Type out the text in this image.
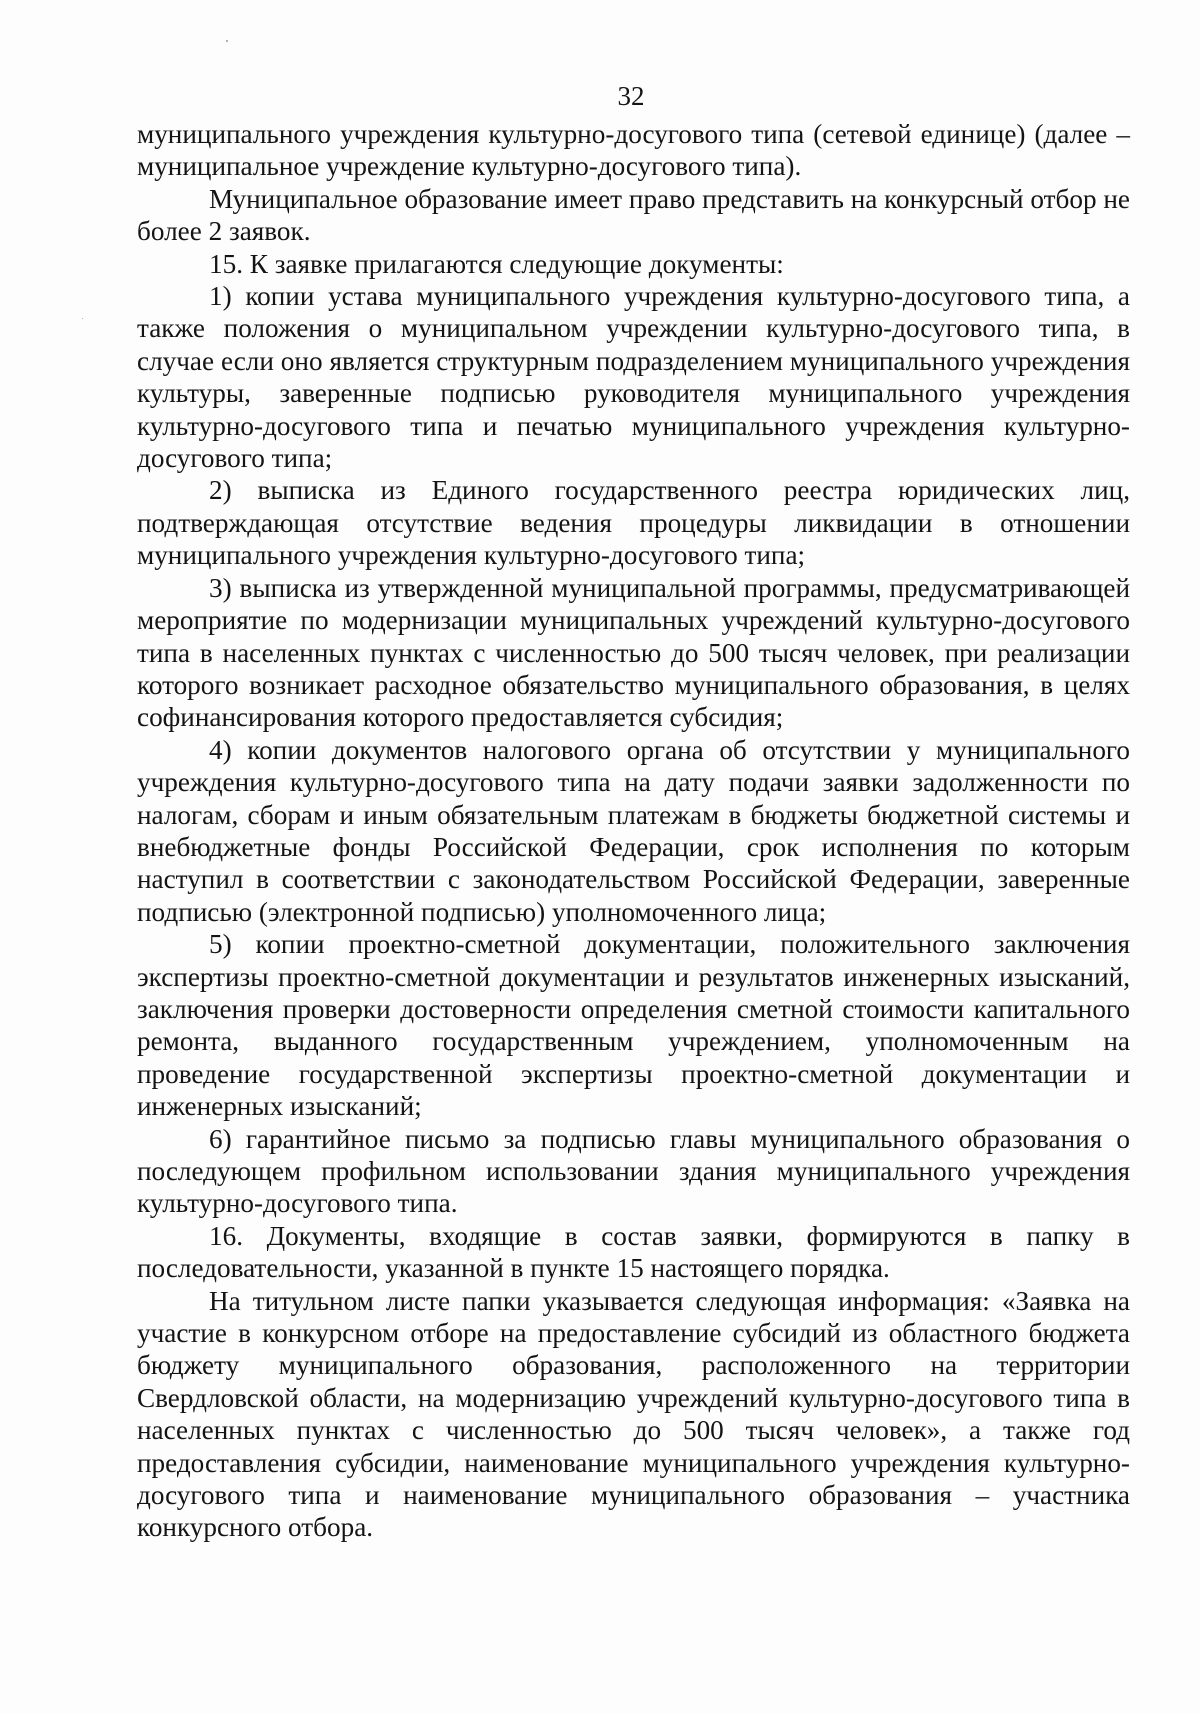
32

муниципального учреждения культурно-досугового типа (сетевой единице) (далее – муниципальное учреждение культурно-досугового типа).

Муниципальное образование имеет право представить на конкурсный отбор не более 2 заявок.

15. К заявке прилагаются следующие документы:

1) копии устава муниципального учреждения культурно-досугового типа, а также положения о муниципальном учреждении культурно-досугового типа, в случае если оно является структурным подразделением муниципального учреждения культуры, заверенные подписью руководителя муниципального учреждения культурно-досугового типа и печатью муниципального учреждения культурно-досугового типа;

2) выписка из Единого государственного реестра юридических лиц, подтверждающая отсутствие ведения процедуры ликвидации в отношении муниципального учреждения культурно-досугового типа;

3) выписка из утвержденной муниципальной программы, предусматривающей мероприятие по модернизации муниципальных учреждений культурно-досугового типа в населенных пунктах с численностью до 500 тысяч человек, при реализации которого возникает расходное обязательство муниципального образования, в целях софинансирования которого предоставляется субсидия;

4) копии документов налогового органа об отсутствии у муниципального учреждения культурно-досугового типа на дату подачи заявки задолженности по налогам, сборам и иным обязательным платежам в бюджеты бюджетной системы и внебюджетные фонды Российской Федерации, срок исполнения по которым наступил в соответствии с законодательством Российской Федерации, заверенные подписью (электронной подписью) уполномоченного лица;

5) копии проектно-сметной документации, положительного заключения экспертизы проектно-сметной документации и результатов инженерных изысканий, заключения проверки достоверности определения сметной стоимости капитального ремонта, выданного государственным учреждением, уполномоченным на проведение государственной экспертизы проектно-сметной документации и инженерных изысканий;

6) гарантийное письмо за подписью главы муниципального образования о последующем профильном использовании здания муниципального учреждения культурно-досугового типа.

16. Документы, входящие в состав заявки, формируются в папку в последовательности, указанной в пункте 15 настоящего порядка.

На титульном листе папки указывается следующая информация: «Заявка на участие в конкурсном отборе на предоставление субсидий из областного бюджета бюджету муниципального образования, расположенного на территории Свердловской области, на модернизацию учреждений культурно-досугового типа в населенных пунктах с численностью до 500 тысяч человек», а также год предоставления субсидии, наименование муниципального учреждения культурно-досугового типа и наименование муниципального образования – участника конкурсного отбора.
